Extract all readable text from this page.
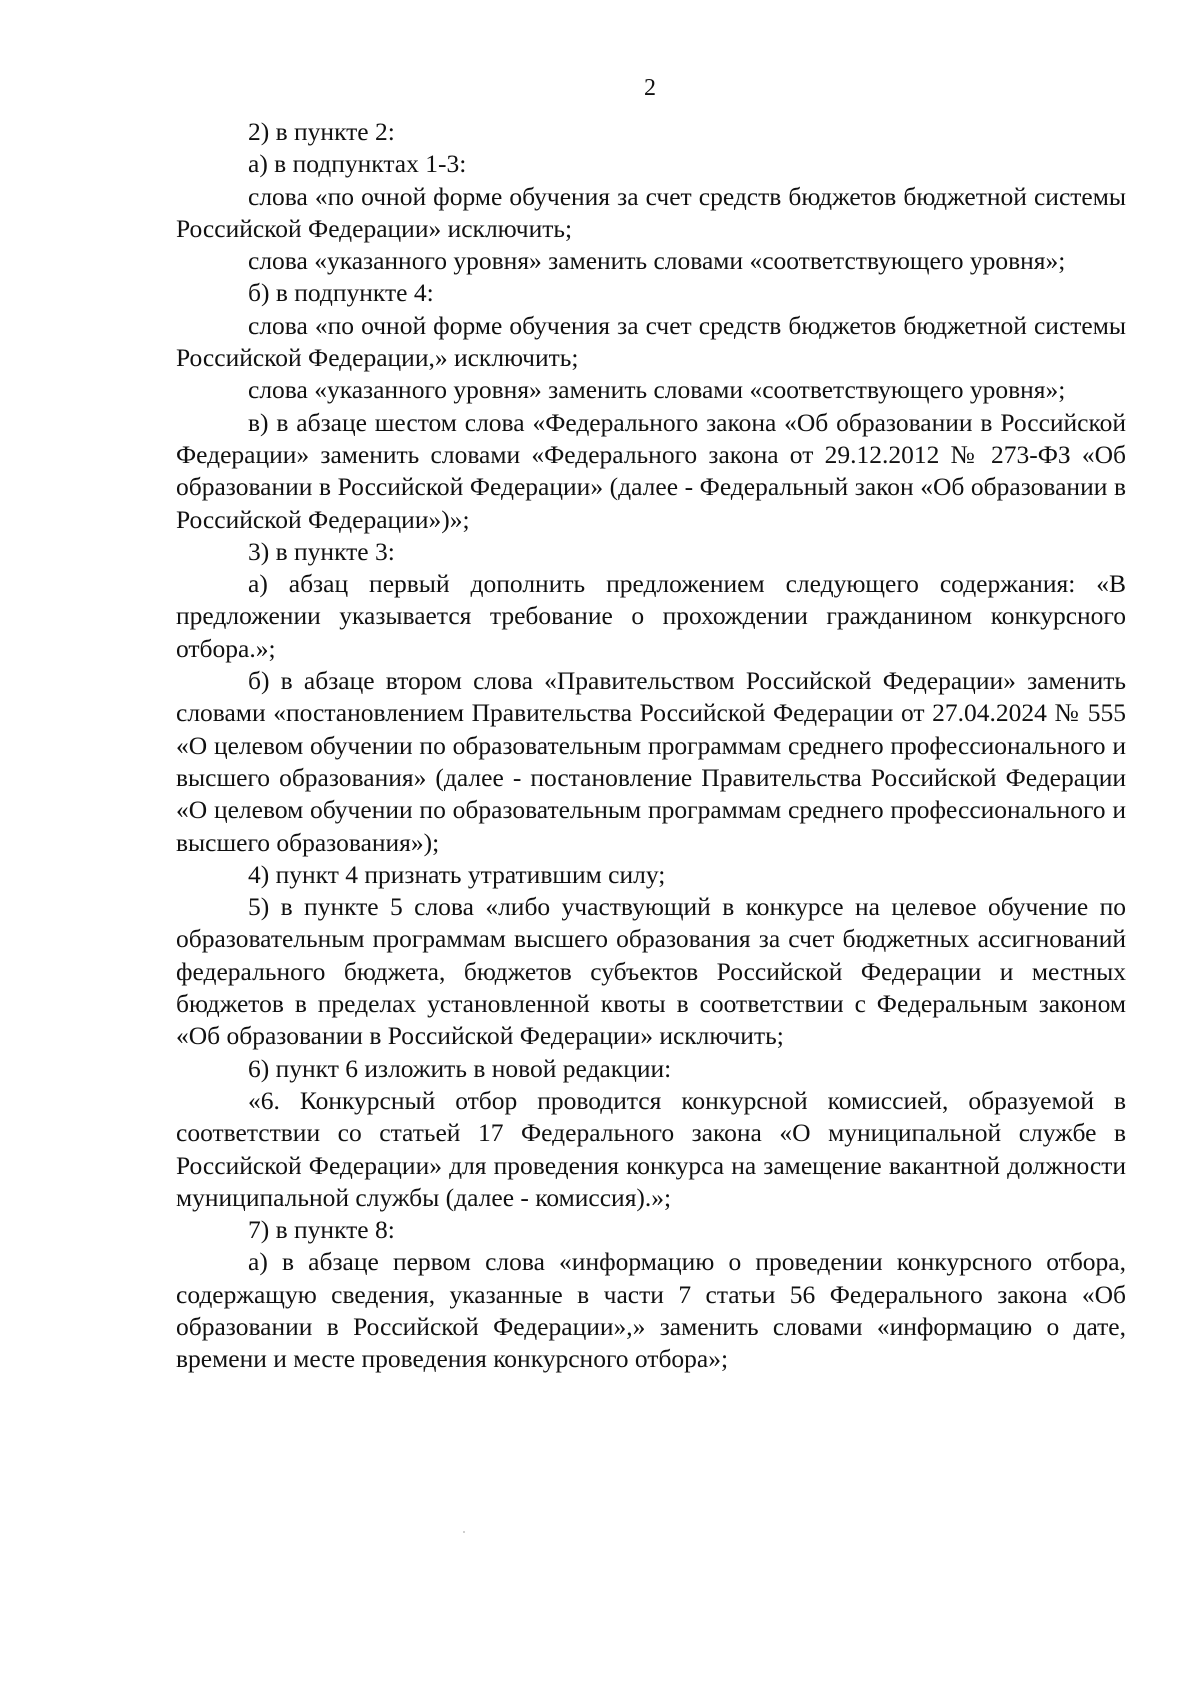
2

2) в пункте 2:

а) в подпунктах 1-3:

слова «по очной форме обучения за счет средств бюджетов бюджетной системы Российской Федерации» исключить;

слова «указанного уровня» заменить словами «соответствующего уровня»;

б) в подпункте 4:

слова «по очной форме обучения за счет средств бюджетов бюджетной системы Российской Федерации,» исключить;

слова «указанного уровня» заменить словами «соответствующего уровня»;

в) в абзаце шестом слова «Федерального закона «Об образовании в Российской Федерации» заменить словами «Федерального закона от 29.12.2012 № 273-ФЗ «Об образовании в Российской Федерации» (далее - Федеральный закон «Об образовании в Российской Федерации»)»;

3) в пункте 3:

а) абзац первый дополнить предложением следующего содержания: «В предложении указывается требование о прохождении гражданином конкурсного отбора.»;

б) в абзаце втором слова «Правительством Российской Федерации» заменить словами «постановлением Правительства Российской Федерации от 27.04.2024 № 555 «О целевом обучении по образовательным программам среднего профессионального и высшего образования» (далее - постановление Правительства Российской Федерации «О целевом обучении по образовательным программам среднего профессионального и высшего образования»);

4) пункт 4 признать утратившим силу;

5) в пункте 5 слова «либо участвующий в конкурсе на целевое обучение по образовательным программам высшего образования за счет бюджетных ассигнований федерального бюджета, бюджетов субъектов Российской Федерации и местных бюджетов в пределах установленной квоты в соответствии с Федеральным законом «Об образовании в Российской Федерации» исключить;

6) пункт 6 изложить в новой редакции:

«6. Конкурсный отбор проводится конкурсной комиссией, образуемой в соответствии со статьей 17 Федерального закона «О муниципальной службе в Российской Федерации» для проведения конкурса на замещение вакантной должности муниципальной службы (далее - комиссия).»;

7) в пункте 8:

а) в абзаце первом слова «информацию о проведении конкурсного отбора, содержащую сведения, указанные в части 7 статьи 56 Федерального закона «Об образовании в Российской Федерации»,» заменить словами «информацию о дате, времени и месте проведения конкурсного отбора»;
